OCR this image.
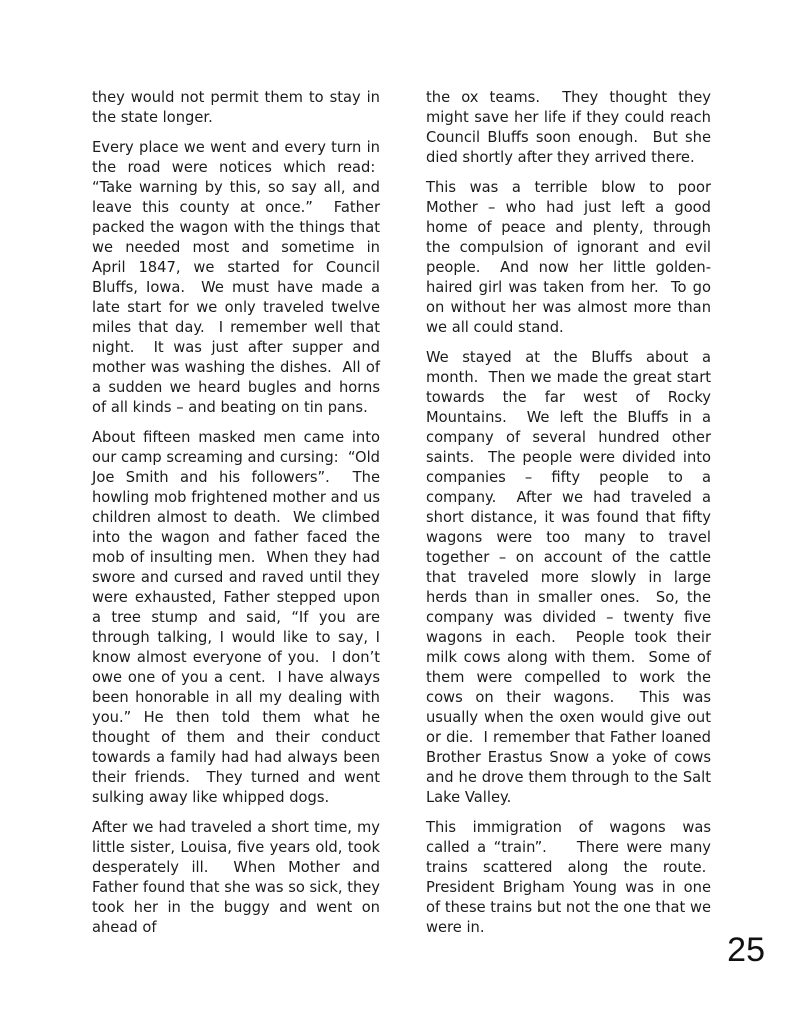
they would not permit them to stay in the state longer.

Every place we went and every turn in the road were notices which read:  “Take warning by this, so say all, and leave this county at once.”  Father packed the wagon with the things that we needed most and sometime in April 1847, we started for Council Bluffs, Iowa.  We must have made a late start for we only traveled twelve miles that day.  I remember well that night.  It was just after supper and mother was washing the dishes.  All of a sudden we heard bugles and horns of all kinds – and beating on tin pans.

About fifteen masked men came into our camp screaming and cursing:  “Old Joe Smith and his followers”.  The howling mob frightened mother and us children almost to death.  We climbed into the wagon and father faced the mob of insulting men.  When they had swore and cursed and raved until they were exhausted, Father stepped upon a tree stump and said, “If you are through talking, I would like to say, I know almost everyone of you.  I don’t owe one of you a cent.  I have always been honorable in all my dealing with you.” He then told them what he thought of them and their conduct towards a family had had always been their friends.  They turned and went sulking away like whipped dogs.

After we had traveled a short time, my little sister, Louisa, five years old, took desperately ill.  When Mother and Father found that she was so sick, they took her in the buggy and went on ahead of

the ox teams.  They thought they might save her life if they could reach Council Bluffs soon enough.  But she died shortly after they arrived there.

This was a terrible blow to poor Mother – who had just left a good home of peace and plenty, through the compulsion of ignorant and evil people.  And now her little golden-haired girl was taken from her.  To go on without her was almost more than we all could stand.

We stayed at the Bluffs about a month.  Then we made the great start towards the far west of Rocky Mountains.  We left the Bluffs in a company of several hundred other saints.  The people were divided into companies – fifty people to a company.  After we had traveled a short distance, it was found that fifty wagons were too many to travel together – on account of the cattle that traveled more slowly in large herds than in smaller ones.  So, the company was divided – twenty five wagons in each.  People took their milk cows along with them.  Some of them were compelled to work the cows on their wagons.  This was usually when the oxen would give out or die.  I remember that Father loaned Brother Erastus Snow a yoke of cows and he drove them through to the Salt Lake Valley.

This immigration of wagons was called a “train”.    There were many trains scattered along the route.  President Brigham Young was in one of these trains but not the one that we were in.

25
